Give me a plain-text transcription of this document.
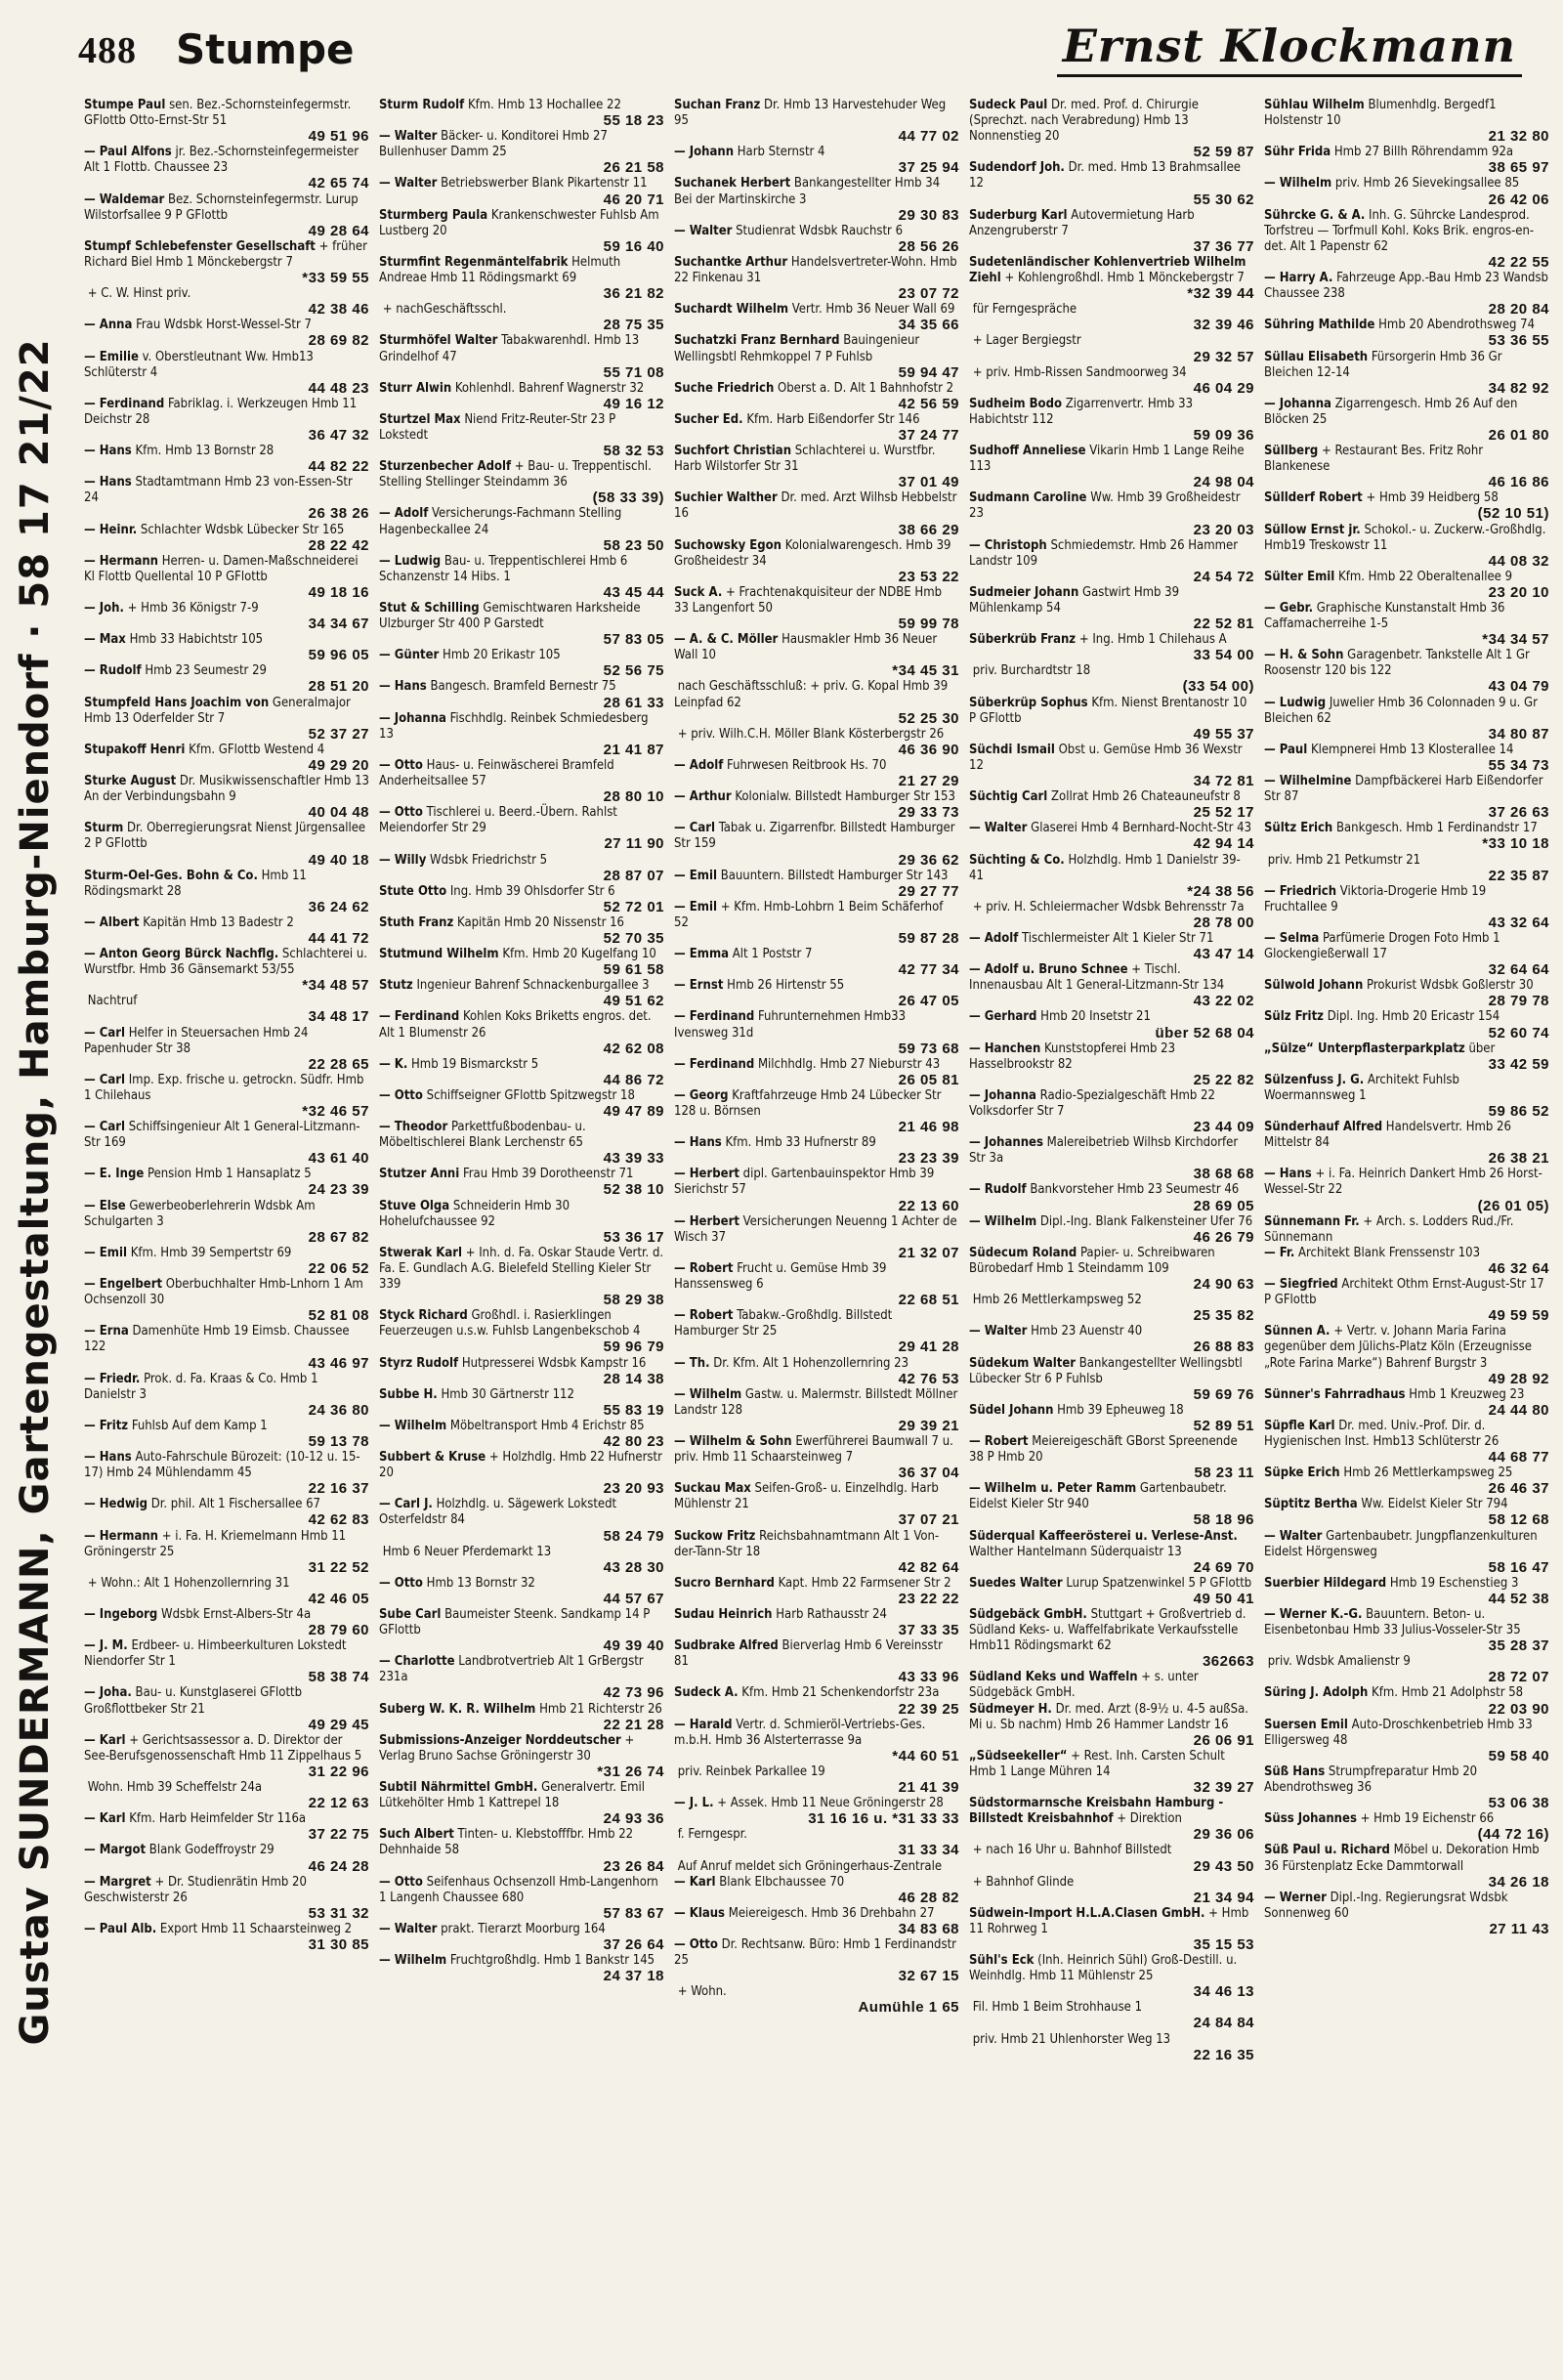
488 Stumpe	Ernst Klockmann
Gustav SUNDERMANN, Gartengestaltung, Hamburg-Niendorf · 58 17 21/22
Stumpe Paul sen. Bez.-Schornsteinfegermstr. GFlottb Otto-Ernst-Str 51
49 51 96
— Paul Alfons jr. Bez.-Schornsteinfegermeister Alt 1 Flottb. Chaussee 23
42 65 74
— Waldemar Bez. Schornsteinfegermstr. Lurup Wilstorfsallee 9 P GFlottb
49 28 64
Stumpf Schlebefenster Gesellschaft + früher Richard Biel Hmb 1 Mönckebergstr 7
*33 59 55
+ C. W. Hinst priv.
42 38 46
— Anna Frau Wdsbk Horst-Wessel-Str 7
28 69 82
— Emilie v. Oberstleutnant Ww. Hmb13 Schlüterstr 4
44 48 23
— Ferdinand Fabriklag. i. Werkzeugen Hmb 11 Deichstr 28
36 47 32
— Hans Kfm. Hmb 13 Bornstr 28
44 82 22
— Hans Stadtamtmann Hmb 23 von-Essen-Str 24
26 38 26
— Heinr. Schlachter Wdsbk Lübecker Str 165
28 22 42
— Hermann Herren- u. Damen-Maßschneiderei Kl Flottb Quellental 10 P GFlottb
49 18 16
— Joh. + Hmb 36 Königstr 7-9
34 34 67
— Max Hmb 33 Habichtstr 105
59 96 05
— Rudolf Hmb 23 Seumestr 29
28 51 20
Stumpfeld Hans Joachim von Generalmajor Hmb 13 Oderfelder Str 7
52 37 27
Stupakoff Henri Kfm. GFlottb Westend 4
49 29 20
Sturke August Dr. Musikwissenschaftler Hmb 13 An der Verbindungsbahn 9
40 04 48
Sturm Dr. Oberregierungsrat Nienst Jürgensallee 2 P GFlottb
49 40 18
Sturm-Oel-Ges. Bohn & Co. Hmb 11 Rödingsmarkt 28
36 24 62
— Albert Kapitän Hmb 13 Badestr 2
44 41 72
— Anton Georg Bürck Nachflg. Schlachterei u. Wurstfbr. Hmb 36 Gänsemarkt 53/55
*34 48 57
Nachtruf
34 48 17
— Carl Helfer in Steuersachen Hmb 24 Papenhuder Str 38
22 28 65
— Carl Imp. Exp. frische u. getrockn. Südfr. Hmb 1 Chilehaus
*32 46 57
— Carl Schiffsingenieur Alt 1 General-Litzmann-Str 169
43 61 40
— E. Inge Pension Hmb 1 Hansaplatz 5
24 23 39
— Else Gewerbeoberlehrerin Wdsbk Am Schulgarten 3
28 67 82
— Emil Kfm. Hmb 39 Sempertstr 69
22 06 52
— Engelbert Oberbuchhalter Hmb-Lnhorn 1 Am Ochsenzoll 30
52 81 08
— Erna Damenhüte Hmb 19 Eimsb. Chaussee 122
43 46 97
— Friedr. Prok. d. Fa. Kraas & Co. Hmb 1 Danielstr 3
24 36 80
— Fritz Fuhlsb Auf dem Kamp 1
59 13 78
— Hans Auto-Fahrschule Bürozeit: (10-12 u. 15-17) Hmb 24 Mühlendamm 45
22 16 37
— Hedwig Dr. phil. Alt 1 Fischersallee 67
42 62 83
— Hermann + i. Fa. H. Kriemelmann Hmb 11 Gröningerstr 25
31 22 52
+ Wohn.: Alt 1 Hohenzollernring 31
42 46 05
— Ingeborg Wdsbk Ernst-Albers-Str 4a
28 79 60
— J. M. Erdbeer- u. Himbeerkulturen Lokstedt Niendorfer Str 1
58 38 74
— Joha. Bau- u. Kunstglaserei GFlottb Großflottbeker Str 21
49 29 45
— Karl + Gerichtsassessor a. D. Direktor der See-Berufsgenossenschaft Hmb 11 Zippelhaus 5
31 22 96
Wohn. Hmb 39 Scheffelstr 24a
22 12 63
— Karl Kfm. Harb Heimfelder Str 116a
37 22 75
— Margot Blank Godeffroystr 29
46 24 28
— Margret + Dr. Studienrätin Hmb 20 Geschwisterstr 26
53 31 32
— Paul Alb. Export Hmb 11 Schaarsteinweg 2
31 30 85
Sturm Rudolf Kfm. Hmb 13 Hochallee 22
55 18 23
— Walter Bäcker- u. Konditorei Hmb 27 Bullenhuser Damm 25
26 21 58
— Walter Betriebswerber Blank Pikartenstr 11
46 20 71
Sturmberg Paula Krankenschwester Fuhlsb Am Lustberg 20
59 16 40
Sturmfint Regenmäntelfabrik Helmuth Andreae Hmb 11 Rödingsmarkt 69
36 21 82
+ nachGeschäftsschl.
28 75 35
Sturmhöfel Walter Tabakwarenhdl. Hmb 13 Grindelhof 47
55 71 08
Sturr Alwin Kohlenhdl. Bahrenf Wagnerstr 32
49 16 12
Sturtzel Max Niend Fritz-Reuter-Str 23 P Lokstedt
58 32 53
Sturzenbecher Adolf + Bau- u. Treppentischl. Stelling Stellinger Steindamm 36
(58 33 39)
— Adolf Versicherungs-Fachmann Stelling Hagenbeckallee 24
58 23 50
— Ludwig Bau- u. Treppentischlerei Hmb 6 Schanzenstr 14 Hibs. 1
43 45 44
Stut & Schilling Gemischtwaren Harksheide Ulzburger Str 400 P Garstedt
57 83 05
— Günter Hmb 20 Erikastr 105
52 56 75
— Hans Bangesch. Bramfeld Bernestr 75
28 61 33
— Johanna Fischhdlg. Reinbek Schmiedesberg 13
21 41 87
— Otto Haus- u. Feinwäscherei Bramfeld Anderheitsallee 57
28 80 10
— Otto Tischlerei u. Beerd.-Übern. Rahlst Meiendorfer Str 29
27 11 90
— Willy Wdsbk Friedrichstr 5
28 87 07
Stute Otto Ing. Hmb 39 Ohlsdorfer Str 6
52 72 01
Stuth Franz Kapitän Hmb 20 Nissenstr 16
52 70 35
Stutmund Wilhelm Kfm. Hmb 20 Kugelfang 10
59 61 58
Stutz Ingenieur Bahrenf Schnackenburgallee 3
49 51 62
— Ferdinand Kohlen Koks Briketts engros. det. Alt 1 Blumenstr 26
42 62 08
— K. Hmb 19 Bismarckstr 5
44 86 72
— Otto Schiffseigner GFlottb Spitzwegstr 18
49 47 89
— Theodor Parkettfußbodenbau- u. Möbeltischlerei Blank Lerchenstr 65
43 39 33
Stutzer Anni Frau Hmb 39 Dorotheenstr 71
52 38 10
Stuve Olga Schneiderin Hmb 30 Hohelufchaussee 92
53 36 17
Stwerak Karl + Inh. d. Fa. Oskar Staude Vertr. d. Fa. E. Gundlach A.G. Bielefeld Stelling Kieler Str 339
58 29 38
Styck Richard Großhdl. i. Rasierklingen Feuerzeugen u.s.w. Fuhlsb Langenbekschob 4
59 96 79
Styrz Rudolf Hutpresserei Wdsbk Kampstr 16
28 14 38
Subbe H. Hmb 30 Gärtnerstr 112
55 83 19
— Wilhelm Möbeltransport Hmb 4 Erichstr 85
42 80 23
Subbert & Kruse + Holzhdlg. Hmb 22 Hufnerstr 20
23 20 93
— Carl J. Holzhdlg. u. Sägewerk Lokstedt Osterfeldstr 84
58 24 79
Hmb 6 Neuer Pferdemarkt 13
43 28 30
— Otto Hmb 13 Bornstr 32
44 57 67
Sube Carl Baumeister Steenk. Sandkamp 14 P GFlottb
49 39 40
— Charlotte Landbrotvertrieb Alt 1 GrBergstr 231a
42 73 96
Suberg W. K. R. Wilhelm Hmb 21 Richterstr 26
22 21 28
Submissions-Anzeiger Norddeutscher + Verlag Bruno Sachse Gröningerstr 30
*31 26 74
Subtil Nährmittel GmbH. Generalvertr. Emil Lütkehölter Hmb 1 Kattrepel 18
24 93 36
Such Albert Tinten- u. Klebstofffbr. Hmb 22 Dehnhaide 58
23 26 84
— Otto Seifenhaus Ochsenzoll Hmb-Langenhorn 1 Langenh Chaussee 680
57 83 67
— Walter prakt. Tierarzt Moorburg 164
37 26 64
— Wilhelm Fruchtgroßhdlg. Hmb 1 Bankstr 145
24 37 18
Suchan Franz Dr. Hmb 13 Harvestehuder Weg 95
44 77 02
— Johann Harb Sternstr 4
37 25 94
Suchanek Herbert Bankangestellter Hmb 34 Bei der Martinskirche 3
29 30 83
— Walter Studienrat Wdsbk Rauchstr 6
28 56 26
Suchantke Arthur Handelsvertreter-Wohn. Hmb 22 Finkenau 31
23 07 72
Suchardt Wilhelm Vertr. Hmb 36 Neuer Wall 69
34 35 66
Suchatzki Franz Bernhard Bauingenieur Wellingsbtl Rehmkoppel 7 P Fuhlsb
59 94 47
Suche Friedrich Oberst a. D. Alt 1 Bahnhofstr 2
42 56 59
Sucher Ed. Kfm. Harb Eißendorfer Str 146
37 24 77
Suchfort Christian Schlachterei u. Wurstfbr. Harb Wilstorfer Str 31
37 01 49
Suchier Walther Dr. med. Arzt Wilhsb Hebbelstr 16
38 66 29
Suchowsky Egon Kolonialwarengesch. Hmb 39 Großheidestr 34
23 53 22
Suck A. + Frachtenakquisiteur der NDBE Hmb 33 Langenfort 50
59 99 78
— A. & C. Möller Hausmakler Hmb 36 Neuer Wall 10
*34 45 31
nach Geschäftsschluß: + priv. G. Kopal Hmb 39 Leinpfad 62
52 25 30
+ priv. Wilh.C.H. Möller Blank Kösterbergstr 26
46 36 90
— Adolf Fuhrwesen Reitbrook Hs. 70
21 27 29
— Arthur Kolonialw. Billstedt Hamburger Str 153
29 33 73
— Carl Tabak u. Zigarrenfbr. Billstedt Hamburger Str 159
29 36 62
— Emil Bauuntern. Billstedt Hamburger Str 143
29 27 77
— Emil + Kfm. Hmb-Lohbrn 1 Beim Schäferhof 52
59 87 28
— Emma Alt 1 Poststr 7
42 77 34
— Ernst Hmb 26 Hirtenstr 55
26 47 05
— Ferdinand Fuhrunternehmen Hmb33 Ivensweg 31d
59 73 68
— Ferdinand Milchhdlg. Hmb 27 Nieburstr 43
26 05 81
— Georg Kraftfahrzeuge Hmb 24 Lübecker Str 128 u. Börnsen
21 46 98
— Hans Kfm. Hmb 33 Hufnerstr 89
23 23 39
— Herbert dipl. Gartenbauinspektor Hmb 39 Sierichstr 57
22 13 60
— Herbert Versicherungen Neuenng 1 Achter de Wisch 37
21 32 07
— Robert Frucht u. Gemüse Hmb 39 Hanssensweg 6
22 68 51
— Robert Tabakw.-Großhdlg. Billstedt Hamburger Str 25
29 41 28
— Th. Dr. Kfm. Alt 1 Hohenzollernring 23
42 76 53
— Wilhelm Gastw. u. Malermstr. Billstedt Möllner Landstr 128
29 39 21
— Wilhelm & Sohn Ewerführerei Baumwall 7 u. priv. Hmb 11 Schaarsteinweg 7
36 37 04
Suckau Max Seifen-Groß- u. Einzelhdlg. Harb Mühlenstr 21
37 07 21
Suckow Fritz Reichsbahnamtmann Alt 1 Von-der-Tann-Str 18
42 82 64
Sucro Bernhard Kapt. Hmb 22 Farmsener Str 2
23 22 22
Sudau Heinrich Harb Rathausstr 24
37 33 35
Sudbrake Alfred Bierverlag Hmb 6 Vereinsstr 81
43 33 96
Sudeck A. Kfm. Hmb 21 Schenkendorfstr 23a
22 39 25
— Harald Vertr. d. Schmieröl-Vertriebs-Ges. m.b.H. Hmb 36 Alsterterrasse 9a
*44 60 51
priv. Reinbek Parkallee 19
21 41 39
— J. L. + Assek. Hmb 11 Neue Gröningerstr 28
31 16 16 u. *31 33 33
f. Ferngespr.
31 33 34
Auf Anruf meldet sich Gröningerhaus-Zentrale
— Karl Blank Elbchaussee 70
46 28 82
— Klaus Meiereigesch. Hmb 36 Drehbahn 27
34 83 68
— Otto Dr. Rechtsanw. Büro: Hmb 1 Ferdinandstr 25
32 67 15
+ Wohn.
Aumühle 1 65
Sudeck Paul Dr. med. Prof. d. Chirurgie (Sprechzt. nach Verabredung) Hmb 13 Nonnenstieg 20
52 59 87
Sudendorf Joh. Dr. med. Hmb 13 Brahmsallee 12
55 30 62
Suderburg Karl Autovermietung Harb Anzengruberstr 7
37 36 77
Sudetenländischer Kohlenvertrieb Wilhelm Ziehl + Kohlengroßhdl. Hmb 1 Mönckebergstr 7
*32 39 44
für Ferngespräche
32 39 46
+ Lager Bergiegstr
29 32 57
+ priv. Hmb-Rissen Sandmoorweg 34
46 04 29
Sudheim Bodo Zigarrenvertr. Hmb 33 Habichtstr 112
59 09 36
Sudhoff Anneliese Vikarin Hmb 1 Lange Reihe 113
24 98 04
Sudmann Caroline Ww. Hmb 39 Großheidestr 23
23 20 03
— Christoph Schmiedemstr. Hmb 26 Hammer Landstr 109
24 54 72
Sudmeier Johann Gastwirt Hmb 39 Mühlenkamp 54
22 52 81
Süberkrüb Franz + Ing. Hmb 1 Chilehaus A
33 54 00
priv. Burchardtstr 18
(33 54 00)
Süberkrüp Sophus Kfm. Nienst Brentanostr 10 P GFlottb
49 55 37
Süchdi Ismail Obst u. Gemüse Hmb 36 Wexstr 12
34 72 81
Süchtig Carl Zollrat Hmb 26 Chateauneufstr 8
25 52 17
— Walter Glaserei Hmb 4 Bernhard-Nocht-Str 43
42 94 14
Süchting & Co. Holzhdlg. Hmb 1 Danielstr 39-41
*24 38 56
+ priv. H. Schleiermacher Wdsbk Behrensstr 7a
28 78 00
— Adolf Tischlermeister Alt 1 Kieler Str 71
43 47 14
— Adolf u. Bruno Schnee + Tischl. Innenausbau Alt 1 General-Litzmann-Str 134
43 22 02
— Gerhard Hmb 20 Insetstr 21
über 52 68 04
— Hanchen Kunststopferei Hmb 23 Hasselbrookstr 82
25 22 82
— Johanna Radio-Spezialgeschäft Hmb 22 Volksdorfer Str 7
23 44 09
— Johannes Malereibetrieb Wilhsb Kirchdorfer Str 3a
38 68 68
— Rudolf Bankvorsteher Hmb 23 Seumestr 46
28 69 05
— Wilhelm Dipl.-Ing. Blank Falkensteiner Ufer 76
46 26 79
Südecum Roland Papier- u. Schreibwaren Bürobedarf Hmb 1 Steindamm 109
24 90 63
Hmb 26 Mettlerkampsweg 52
25 35 82
— Walter Hmb 23 Auenstr 40
26 88 83
Südekum Walter Bankangestellter Wellingsbtl Lübecker Str 6 P Fuhlsb
59 69 76
Südel Johann Hmb 39 Epheuweg 18
52 89 51
— Robert Meiereigeschäft GBorst Spreenende 38 P Hmb 20
58 23 11
— Wilhelm u. Peter Ramm Gartenbaubetr. Eidelst Kieler Str 940
58 18 96
Süderqual Kaffeerösterei u. Verlese-Anst. Walther Hantelmann Süderquaistr 13
24 69 70
Suedes Walter Lurup Spatzenwinkel 5 P GFlottb
49 50 41
Südgebäck GmbH. Stuttgart + Großvertrieb d. Südland Keks- u. Waffelfabrikate Verkaufsstelle Hmb11 Rödingsmarkt 62
362663
Südland Keks und Waffeln + s. unter Südgebäck GmbH.
Südmeyer H. Dr. med. Arzt (8-9½ u. 4-5 außSa. Mi u. Sb nachm) Hmb 26 Hammer Landstr 16
26 06 91
„Südseekeller“ + Rest. Inh. Carsten Schult Hmb 1 Lange Mühren 14
32 39 27
Südstormarnsche Kreisbahn Hamburg - Billstedt Kreisbahnhof + Direktion
29 36 06
+ nach 16 Uhr u. Bahnhof Billstedt
29 43 50
+ Bahnhof Glinde
21 34 94
Südwein-Import H.L.A.Clasen GmbH. + Hmb 11 Rohrweg 1
35 15 53
Sühl's Eck (Inh. Heinrich Sühl) Groß-Destill. u. Weinhdlg. Hmb 11 Mühlenstr 25
34 46 13
Fil. Hmb 1 Beim Strohhause 1
24 84 84
priv. Hmb 21 Uhlenhorster Weg 13
22 16 35
Sühlau Wilhelm Blumenhdlg. Bergedf1 Holstenstr 10
21 32 80
Sühr Frida Hmb 27 Billh Röhrendamm 92a
38 65 97
— Wilhelm priv. Hmb 26 Sievekingsallee 85
26 42 06
Sührcke G. & A. Inh. G. Sührcke Landesprod. Torfstreu — Torfmull Kohl. Koks Brik. engros-en-det. Alt 1 Papenstr 62
42 22 55
— Harry A. Fahrzeuge App.-Bau Hmb 23 Wandsb Chaussee 238
28 20 84
Sühring Mathilde Hmb 20 Abendrothsweg 74
53 36 55
Süllau Elisabeth Fürsorgerin Hmb 36 Gr Bleichen 12-14
34 82 92
— Johanna Zigarrengesch. Hmb 26 Auf den Blöcken 25
26 01 80
Süllberg + Restaurant Bes. Fritz Rohr Blankenese
46 16 86
Süllderf Robert + Hmb 39 Heidberg 58
(52 10 51)
Süllow Ernst jr. Schokol.- u. Zuckerw.-Großhdlg. Hmb19 Treskowstr 11
44 08 32
Sülter Emil Kfm. Hmb 22 Oberaltenallee 9
23 20 10
— Gebr. Graphische Kunstanstalt Hmb 36 Caffamacherreihe 1-5
*34 34 57
— H. & Sohn Garagenbetr. Tankstelle Alt 1 Gr Roosenstr 120 bis 122
43 04 79
— Ludwig Juwelier Hmb 36 Colonnaden 9 u. Gr Bleichen 62
34 80 87
— Paul Klempnerei Hmb 13 Klosterallee 14
55 34 73
— Wilhelmine Dampfbäckerei Harb Eißendorfer Str 87
37 26 63
Sültz Erich Bankgesch. Hmb 1 Ferdinandstr 17
*33 10 18
priv. Hmb 21 Petkumstr 21
22 35 87
— Friedrich Viktoria-Drogerie Hmb 19 Fruchtallee 9
43 32 64
— Selma Parfümerie Drogen Foto Hmb 1 Glockengießerwall 17
32 64 64
Sülwold Johann Prokurist Wdsbk Goßlerstr 30
28 79 78
Sülz Fritz Dipl. Ing. Hmb 20 Ericastr 154
52 60 74
„Sülze“ Unterpflasterparkplatz über
33 42 59
Sülzenfuss J. G. Architekt Fuhlsb Woermannsweg 1
59 86 52
Sünderhauf Alfred Handelsvertr. Hmb 26 Mittelstr 84
26 38 21
— Hans + i. Fa. Heinrich Dankert Hmb 26 Horst-Wessel-Str 22
(26 01 05)
Sünnemann Fr. + Arch. s. Lodders Rud./Fr. Sünnemann
— Fr. Architekt Blank Frenssenstr 103
46 32 64
— Siegfried Architekt Othm Ernst-August-Str 17 P GFlottb
49 59 59
Sünnen A. + Vertr. v. Johann Maria Farina gegenüber dem Jülichs-Platz Köln (Erzeugnisse „Rote Farina Marke“) Bahrenf Burgstr 3
49 28 92
Sünner's Fahrradhaus Hmb 1 Kreuzweg 23
24 44 80
Süpfle Karl Dr. med. Univ.-Prof. Dir. d. Hygienischen Inst. Hmb13 Schlüterstr 26
44 68 77
Süpke Erich Hmb 26 Mettlerkampsweg 25
26 46 37
Süptitz Bertha Ww. Eidelst Kieler Str 794
58 12 68
— Walter Gartenbaubetr. Jungpflanzenkulturen Eidelst Hörgensweg
58 16 47
Suerbier Hildegard Hmb 19 Eschenstieg 3
44 52 38
— Werner K.-G. Bauuntern. Beton- u. Eisenbetonbau Hmb 33 Julius-Vosseler-Str 35
35 28 37
priv. Wdsbk Amalienstr 9
28 72 07
Süring J. Adolph Kfm. Hmb 21 Adolphstr 58
22 03 90
Suersen Emil Auto-Droschkenbetrieb Hmb 33 Elligersweg 48
59 58 40
Süß Hans Strumpfreparatur Hmb 20 Abendrothsweg 36
53 06 38
Süss Johannes + Hmb 19 Eichenstr 66
(44 72 16)
Süß Paul u. Richard Möbel u. Dekoration Hmb 36 Fürstenplatz Ecke Dammtorwall
34 26 18
— Werner Dipl.-Ing. Regierungsrat Wdsbk Sonnenweg 60
27 11 43
